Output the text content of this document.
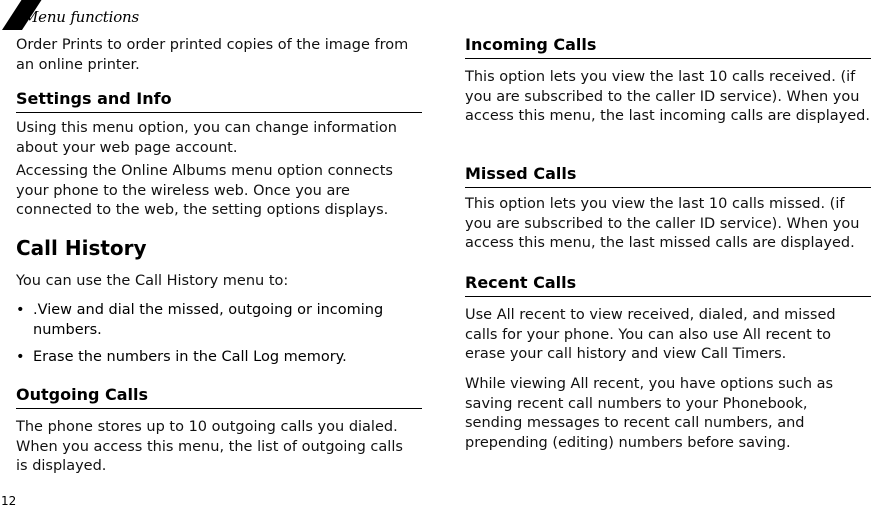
Menu functions

Order Prints to order printed copies of the image from an online printer.

Settings and Info

Using this menu option, you can change information about your web page account.

Accessing the Online Albums menu option connects your phone to the wireless web. Once you are connected to the web, the setting options displays.

Call History

You can use the Call History menu to:

• .View and dial the missed, outgoing or incoming numbers.
• Erase the numbers in the Call Log memory.
Outgoing Calls

The phone stores up to 10 outgoing calls you dialed. When you access this menu, the list of outgoing calls is displayed.

Incoming Calls

This option lets you view the last 10 calls received. (if you are subscribed to the caller ID service). When you access this menu, the last incoming calls are displayed.

Missed Calls

This option lets you view the last 10 calls missed. (if you are subscribed to the caller ID service). When you access this menu, the last missed calls are displayed.

Recent Calls

Use All recent to view received, dialed, and missed calls for your phone. You can also use All recent to erase your call history and view Call Timers.

While viewing All recent, you have options such as saving recent call numbers to your Phonebook, sending messages to recent call numbers, and prepending (editing) numbers before saving.

12
